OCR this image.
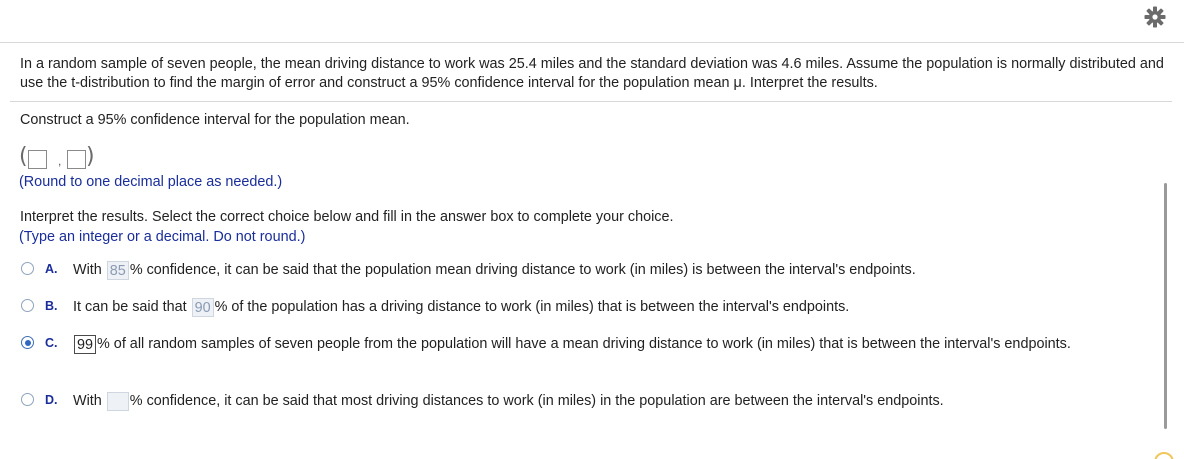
In a random sample of seven people, the mean driving distance to work was 25.4 miles and the standard deviation was 4.6 miles. Assume the population is normally distributed and use the t-distribution to find the margin of error and construct a 95% confidence interval for the population mean μ. Interpret the results.
Construct a 95% confidence interval for the population mean.
(	, )
(Round to one decimal place as needed.)
Interpret the results. Select the correct choice below and fill in the answer box to complete your choice.
(Type an integer or a decimal. Do not round.)
A. With 85 % confidence, it can be said that the population mean driving distance to work (in miles) is between the interval's endpoints.
B. It can be said that 90 % of the population has a driving distance to work (in miles) that is between the interval's endpoints.
C. 99 % of all random samples of seven people from the population will have a mean driving distance to work (in miles) that is between the interval's endpoints.
D. With % confidence, it can be said that most driving distances to work (in miles) in the population are between the interval's endpoints.
